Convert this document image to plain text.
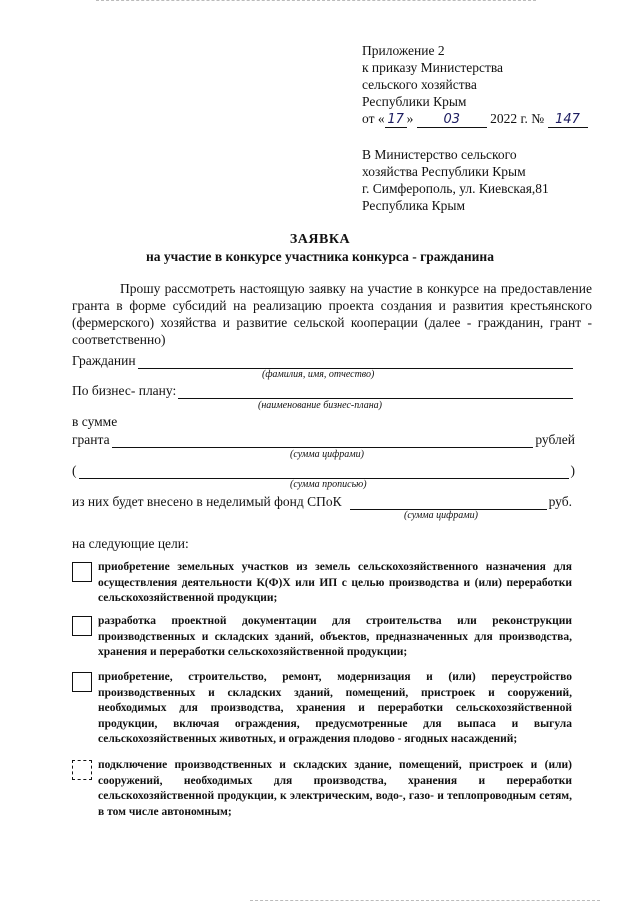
Приложение 2
к приказу Министерства
сельского хозяйства
Республики Крым
от « 17 » 03 2022 г. № 147
В Министерство сельского
хозяйства Республики Крым
г. Симферополь, ул. Киевская,81
Республика Крым
ЗАЯВКА
на участие в конкурсе участника конкурса - гражданина
Прошу рассмотреть настоящую заявку на участие в конкурсе на предоставление гранта в форме субсидий на реализацию проекта создания и развития крестьянского (фермерского) хозяйства и развитие сельской кооперации (далее - гражданин, грант - соответственно)
Гражданин
(фамилия, имя, отчество)
По бизнес- плану:
(наименование бизнес-плана)
в сумме
гранта	рублей
(сумма цифрами)
(	)
(сумма прописью)
из них будет внесено в неделимый фонд СПоК	руб.
(сумма цифрами)
на следующие цели:
приобретение земельных участков из земель сельскохозяйственного назначения для осуществления деятельности К(Ф)Х или ИП с целью производства и (или) переработки сельскохозяйственной продукции;
разработка проектной документации для строительства или реконструкции производственных и складских зданий, объектов, предназначенных для производства, хранения и переработки сельскохозяйственной продукции;
приобретение, строительство, ремонт, модернизация и (или) переустройство производственных и складских зданий, помещений, пристроек и сооружений, необходимых для производства, хранения и переработки сельскохозяйственной продукции, включая ограждения, предусмотренные для выпаса и выгула сельскохозяйственных животных, и ограждения плодово - ягодных насаждений;
подключение производственных и складских здание, помещений, пристроек и (или) сооружений, необходимых для производства, хранения и переработки сельскохозяйственной продукции, к электрическим, водо-, газо- и теплопроводным сетям, в том числе автономным;
